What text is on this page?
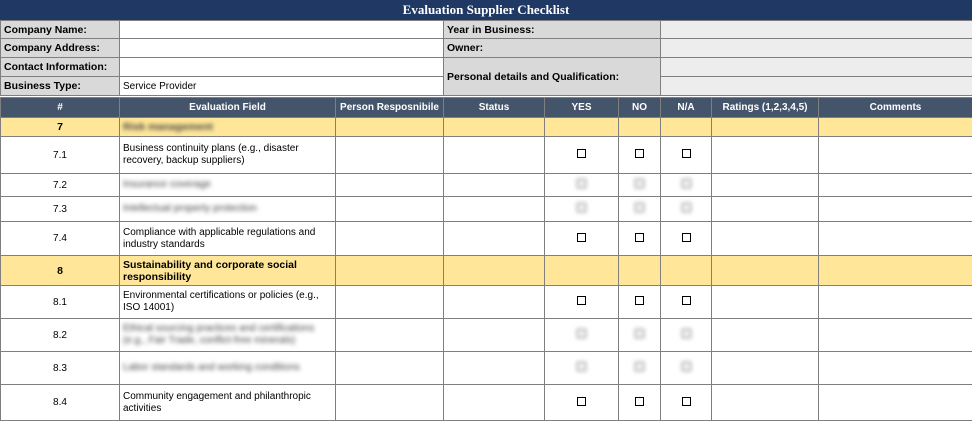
Evaluation Supplier Checklist
Company Name:		Year in Business:	
Company Address:		Owner:	
Contact Information:		Personal details and Qualification:	
Business Type:	Service Provider		
#	Evaluation Field	Person Resposnibile	Status	YES	NO	N/A	Ratings (1,2,3,4,5)	Comments
7	Risk management							
7.1	Business continuity plans (e.g., disaster recovery, backup suppliers)							
7.2	Insurance coverage							
7.3	Intellectual property protection							
7.4	Compliance with applicable regulations and industry standards							
8	Sustainability and corporate social responsibility							
8.1	Environmental certifications or policies (e.g., ISO 14001)							
8.2	Ethical sourcing practices and certifications (e.g., Fair Trade, conflict-free minerals)							
8.3	Labor standards and working conditions							
8.4	Community engagement and philanthropic activities							
